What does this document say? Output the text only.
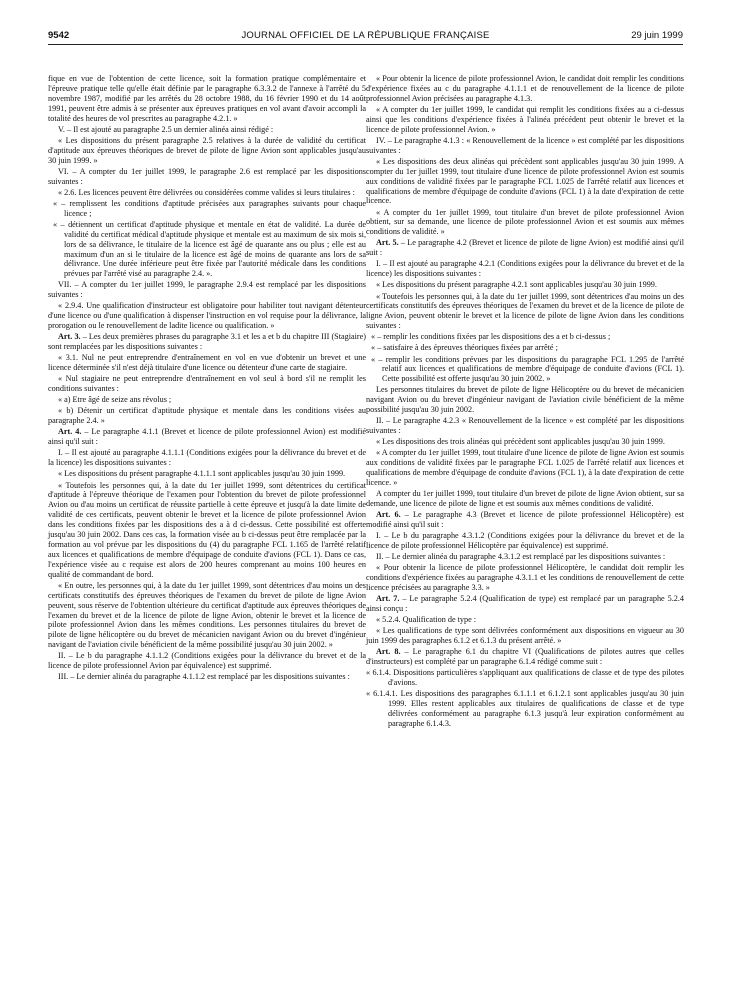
9542	JOURNAL OFFICIEL DE LA RÉPUBLIQUE FRANÇAISE	29 juin 1999

fique en vue de l'obtention de cette licence, soit la formation pratique complémentaire et l'épreuve pratique telle qu'elle était définie par le paragraphe 6.3.3.2 de l'annexe à l'arrêté du 5 novembre 1987, modifié par les arrêtés du 28 octobre 1988, du 16 février 1990 et du 14 août 1991, peuvent être admis à se présenter aux épreuves pratiques en vol avant d'avoir accompli la totalité des heures de vol prescrites au paragraphe 4.2.1. »

V. – Il est ajouté au paragraphe 2.5 un dernier alinéa ainsi rédigé :

« Les dispositions du présent paragraphe 2.5 relatives à la durée de validité du certificat d'aptitude aux épreuves théoriques de brevet de pilote de ligne Avion sont applicables jusqu'au 30 juin 1999. »

VI. – A compter du 1er juillet 1999, le paragraphe 2.6 est remplacé par les dispositions suivantes :

« 2.6. Les licences peuvent être délivrées ou considérées comme valides si leurs titulaires :

« – remplissent les conditions d'aptitude précisées aux paragraphes suivants pour chaque licence ;

« – détiennent un certificat d'aptitude physique et mentale en état de validité. La durée de validité du certificat médical d'aptitude physique et mentale est au maximum de six mois si, lors de sa délivrance, le titulaire de la licence est âgé de quarante ans ou plus ; elle est au maximum d'un an si le titulaire de la licence est âgé de moins de quarante ans lors de sa délivrance. Une durée inférieure peut être fixée par l'autorité médicale dans les conditions prévues par l'arrêté visé au paragraphe 2.4. ».

VII. – A compter du 1er juillet 1999, le paragraphe 2.9.4 est remplacé par les dispositions suivantes :

« 2.9.4. Une qualification d'instructeur est obligatoire pour habiliter tout navigant détenteur d'une licence ou d'une qualification à dispenser l'instruction en vol requise pour la délivrance, la prorogation ou le renouvellement de ladite licence ou qualification. »

Art. 3. – Les deux premières phrases du paragraphe 3.1 et les a et b du chapitre III (Stagiaire) sont remplacées par les dispositions suivantes :

« 3.1. Nul ne peut entreprendre d'entraînement en vol en vue d'obtenir un brevet et une licence déterminée s'il n'est déjà titulaire d'une licence ou détenteur d'une carte de stagiaire.

« Nul stagiaire ne peut entreprendre d'entraînement en vol seul à bord s'il ne remplit les conditions suivantes :

« a) Etre âgé de seize ans révolus ;

« b) Détenir un certificat d'aptitude physique et mentale dans les conditions visées au paragraphe 2.4. »

Art. 4. – Le paragraphe 4.1.1 (Brevet et licence de pilote professionnel Avion) est modifié ainsi qu'il suit :

I. – Il est ajouté au paragraphe 4.1.1.1 (Conditions exigées pour la délivrance du brevet et de la licence) les dispositions suivantes :

« Les dispositions du présent paragraphe 4.1.1.1 sont applicables jusqu'au 30 juin 1999.

« Toutefois les personnes qui, à la date du 1er juillet 1999, sont détentrices du certificat d'aptitude à l'épreuve théorique de l'examen pour l'obtention du brevet de pilote professionnel Avion ou d'au moins un certificat de réussite partielle à cette épreuve et jusqu'à la date limite de validité de ces certificats, peuvent obtenir le brevet et la licence de pilote professionnel Avion dans les conditions fixées par les dispositions des a à d ci-dessus. Cette possibilité est offerte jusqu'au 30 juin 2002. Dans ces cas, la formation visée au b ci-dessus peut être remplacée par la formation au vol prévue par les dispositions du (4) du paragraphe FCL 1.165 de l'arrêté relatif aux licences et qualifications de membre d'équipage de conduite d'avions (FCL 1). Dans ce cas, l'expérience visée au c requise est alors de 200 heures comprenant au moins 100 heures en qualité de commandant de bord.

« En outre, les personnes qui, à la date du 1er juillet 1999, sont détentrices d'au moins un des certificats constitutifs des épreuves théoriques de l'examen du brevet de pilote de ligne Avion peuvent, sous réserve de l'obtention ultérieure du certificat d'aptitude aux épreuves théoriques de l'examen du brevet et de la licence de pilote de ligne Avion, obtenir le brevet et la licence de pilote professionnel Avion dans les mêmes conditions. Les personnes titulaires du brevet de pilote de ligne hélicoptère ou du brevet de mécanicien navigant Avion ou du brevet d'ingénieur navigant de l'aviation civile bénéficient de la même possibilité jusqu'au 30 juin 2002. »

II. – Le b du paragraphe 4.1.1.2 (Conditions exigées pour la délivrance du brevet et de la licence de pilote professionnel Avion par équivalence) est supprimé.

III. – Le dernier alinéa du paragraphe 4.1.1.2 est remplacé par les dispositions suivantes :

« Pour obtenir la licence de pilote professionnel Avion, le candidat doit remplir les conditions d'expérience fixées au c du paragraphe 4.1.1.1 et de renouvellement de la licence de pilote professionnel Avion précisées au paragraphe 4.1.3.

« A compter du 1er juillet 1999, le candidat qui remplit les conditions fixées au a ci-dessus ainsi que les conditions d'expérience fixées à l'alinéa précédent peut obtenir le brevet et la licence de pilote professionnel Avion. »

IV. – Le paragraphe 4.1.3 : « Renouvellement de la licence » est complété par les dispositions suivantes :

« Les dispositions des deux alinéas qui précèdent sont applicables jusqu'au 30 juin 1999. A compter du 1er juillet 1999, tout titulaire d'une licence de pilote professionnel Avion est soumis aux conditions de validité fixées par le paragraphe FCL 1.025 de l'arrêté relatif aux licences et qualifications de membre d'équipage de conduite d'avions (FCL 1) à la date d'expiration de cette licence.

« A compter du 1er juillet 1999, tout titulaire d'un brevet de pilote professionnel Avion obtient, sur sa demande, une licence de pilote professionnel Avion et est soumis aux mêmes conditions de validité. »

Art. 5. – Le paragraphe 4.2 (Brevet et licence de pilote de ligne Avion) est modifié ainsi qu'il suit :

I. – Il est ajouté au paragraphe 4.2.1 (Conditions exigées pour la délivrance du brevet et de la licence) les dispositions suivantes :

« Les dispositions du présent paragraphe 4.2.1 sont applicables jusqu'au 30 juin 1999.

« Toutefois les personnes qui, à la date du 1er juillet 1999, sont détentrices d'au moins un des certificats constitutifs des épreuves théoriques de l'examen du brevet et de la licence de pilote de ligne Avion, peuvent obtenir le brevet et la licence de pilote de ligne Avion dans les conditions suivantes :

« – remplir les conditions fixées par les dispositions des a et b ci-dessus ;

« – satisfaire à des épreuves théoriques fixées par arrêté ;

« – remplir les conditions prévues par les dispositions du paragraphe FCL 1.295 de l'arrêté relatif aux licences et qualifications de membre d'équipage de conduite d'avions (FCL 1). Cette possibilité est offerte jusqu'au 30 juin 2002. »

Les personnes titulaires du brevet de pilote de ligne Hélicoptère ou du brevet de mécanicien navigant Avion ou du brevet d'ingénieur navigant de l'aviation civile bénéficient de la même possibilité jusqu'au 30 juin 2002.

II. – Le paragraphe 4.2.3 « Renouvellement de la licence » est complété par les dispositions suivantes :

« Les dispositions des trois alinéas qui précèdent sont applicables jusqu'au 30 juin 1999.

« A compter du 1er juillet 1999, tout titulaire d'une licence de pilote de ligne Avion est soumis aux conditions de validité fixées par le paragraphe FCL 1.025 de l'arrêté relatif aux licences et qualifications de membre d'équipage de conduite d'avions (FCL 1), à la date d'expiration de cette licence. »

A compter du 1er juillet 1999, tout titulaire d'un brevet de pilote de ligne Avion obtient, sur sa demande, une licence de pilote de ligne et est soumis aux mêmes conditions de validité.

Art. 6. – Le paragraphe 4.3 (Brevet et licence de pilote professionnel Hélicoptère) est modifié ainsi qu'il suit :

I. – Le b du paragraphe 4.3.1.2 (Conditions exigées pour la délivrance du brevet et de la licence de pilote professionnel Hélicoptère par équivalence) est supprimé.

II. – Le dernier alinéa du paragraphe 4.3.1.2 est remplacé par les dispositions suivantes :

« Pour obtenir la licence de pilote professionnel Hélicoptère, le candidat doit remplir les conditions d'expérience fixées au paragraphe 4.3.1.1 et les conditions de renouvellement de cette licence précisées au paragraphe 3.3. »

Art. 7. – Le paragraphe 5.2.4 (Qualification de type) est remplacé par un paragraphe 5.2.4 ainsi conçu :

« 5.2.4. Qualification de type :

« Les qualifications de type sont délivrées conformément aux dispositions en vigueur au 30 juin 1999 des paragraphes 6.1.2 et 6.1.3 du présent arrêté. »

Art. 8. – Le paragraphe 6.1 du chapitre VI (Qualifications de pilotes autres que celles d'instructeurs) est complété par un paragraphe 6.1.4 rédigé comme suit :

« 6.1.4. Dispositions particulières s'appliquant aux qualifications de classe et de type des pilotes d'avions.

« 6.1.4.1. Les dispositions des paragraphes 6.1.1.1 et 6.1.2.1 sont applicables jusqu'au 30 juin 1999. Elles restent applicables aux titulaires de qualifications de classe et de type délivrées conformément au paragraphe 6.1.3 jusqu'à leur expiration conformément au paragraphe 6.1.4.3.
